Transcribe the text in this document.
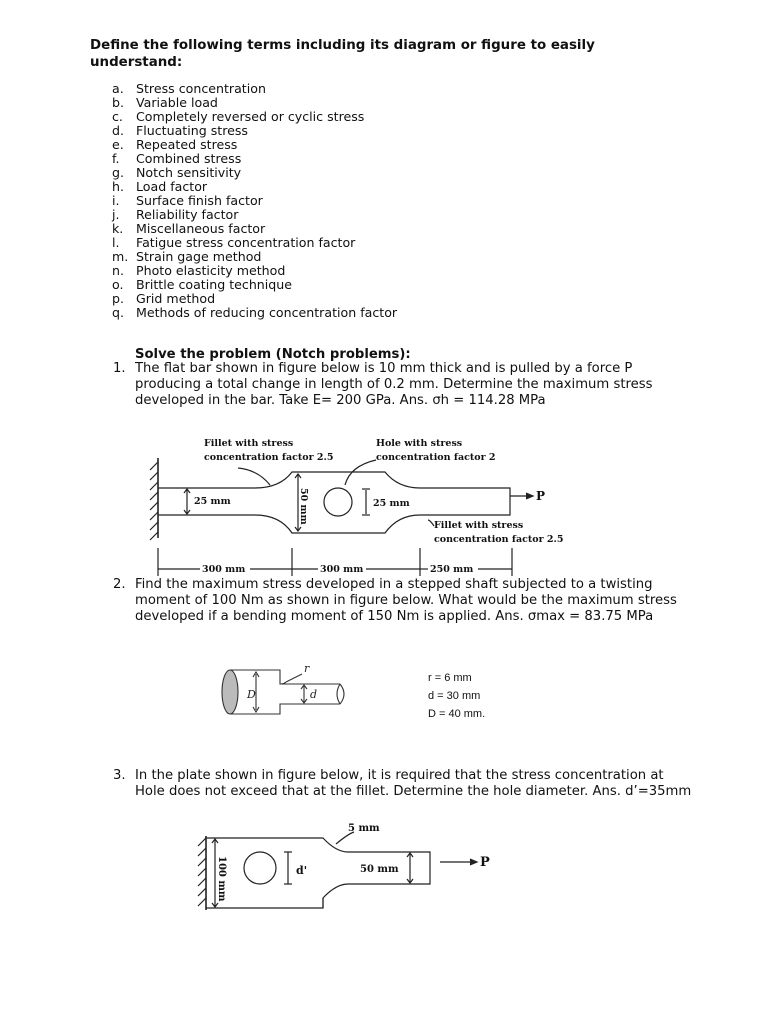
Define the following terms including its diagram or figure to easily understand:
a. Stress concentration
b. Variable load
c.	Completely reversed or cyclic stress
d. Fluctuating stress
e. Repeated stress
f.	Combined stress
g. Notch sensitivity
h. Load factor
i.	Surface finish factor
j.	Reliability factor
k.	Miscellaneous factor
l.	Fatigue stress concentration factor
m. Strain gage method
n. Photo elasticity method
o. Brittle coating technique
p. Grid method
q. Methods of reducing concentration factor
Solve the problem (Notch problems):
1. The flat bar shown in figure below is 10 mm thick and is pulled by a force P producing a total change in length of 0.2 mm. Determine the maximum stress developed in the bar. Take E= 200 GPa. Ans. σh = 114.28 MPa
Fillet with stress
concentration factor 2.5
Hole with stress
concentration factor 2
Fillet with stress
concentration factor 2.5
25 mm	25 mm
50 mm	P
300 mm	300 mm	250 mm
2. Find the maximum stress developed in a stepped shaft subjected to a twisting moment of 100 Nm as shown in figure below. What would be the maximum stress developed if a bending moment of 150 Nm is applied. Ans. σmax = 83.75 MPa
r
D	d
r = 6 mm
d = 30 mm
D = 40 mm.
3. In the plate shown in figure below, it is required that the stress concentration at Hole does not exceed that at the fillet. Determine the hole diameter. Ans. d’=35mm
5 mm
100 mm	d'	50 mm	P
